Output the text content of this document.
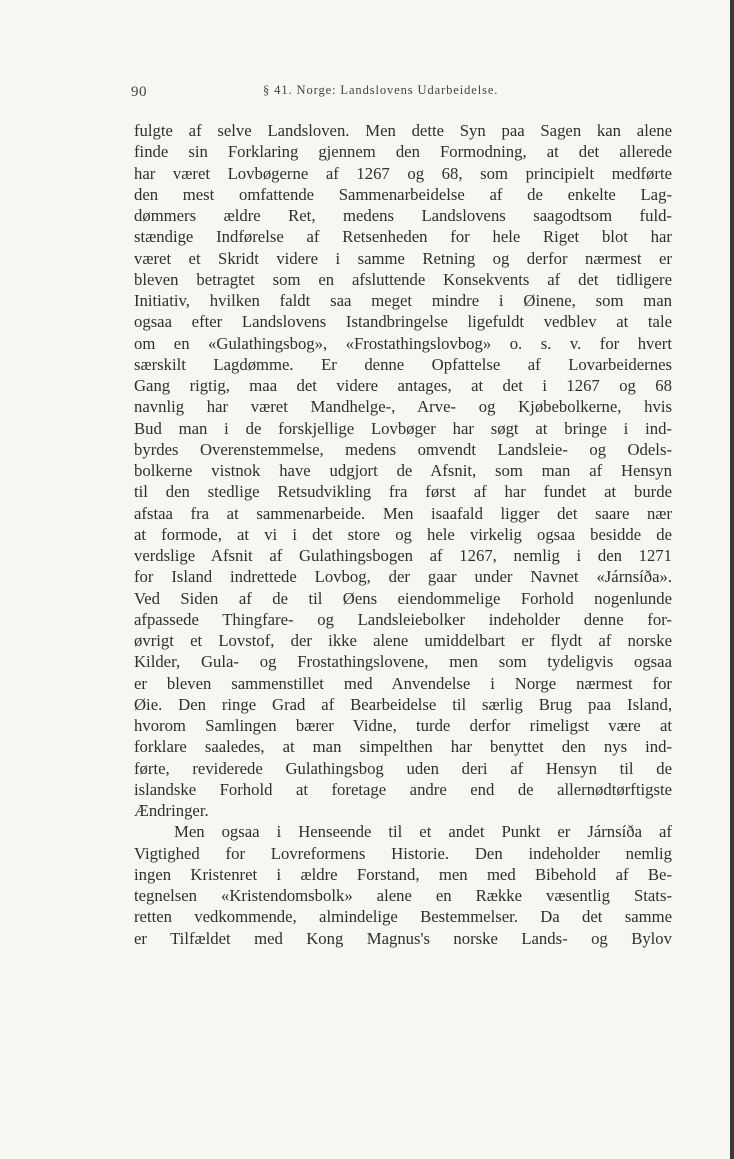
90	§ 41. Norge: Landslovens Udarbeidelse.
fulgte af selve Landsloven. Men dette Syn paa Sagen kan alene
finde sin Forklaring gjennem den Formodning, at det allerede
har været Lovbøgerne af 1267 og 68, som principielt medførte
den mest omfattende Sammenarbeidelse af de enkelte Lag-
dømmers ældre Ret, medens Landslovens saagodtsom fuld-
stændige Indførelse af Retsenheden for hele Riget blot har
været et Skridt videre i samme Retning og derfor nærmest er
bleven betragtet som en afsluttende Konsekvents af det tidligere
Initiativ, hvilken faldt saa meget mindre i Øinene, som man
ogsaa efter Landslovens Istandbringelse ligefuldt vedblev at tale
om en «Gulathingsbog», «Frostathingslovbog» o. s. v. for hvert
særskilt Lagdømme. Er denne Opfattelse af Lovarbeidernes
Gang rigtig, maa det videre antages, at det i 1267 og 68
navnlig har været Mandhelge-, Arve- og Kjøbebolkerne, hvis
Bud man i de forskjellige Lovbøger har søgt at bringe i ind-
byrdes Overenstemmelse, medens omvendt Landsleie- og Odels-
bolkerne vistnok have udgjort de Afsnit, som man af Hensyn
til den stedlige Retsudvikling fra først af har fundet at burde
afstaa fra at sammenarbeide. Men isaafald ligger det saare nær
at formode, at vi i det store og hele virkelig ogsaa besidde de
verdslige Afsnit af Gulathingsbogen af 1267, nemlig i den 1271
for Island indrettede Lovbog, der gaar under Navnet «Járnsíða».
Ved Siden af de til Øens eiendommelige Forhold nogenlunde
afpassede Thingfare- og Landsleiebolker indeholder denne for-
øvrigt et Lovstof, der ikke alene umiddelbart er flydt af norske
Kilder, Gula- og Frostathingslovene, men som tydeligvis ogsaa
er bleven sammenstillet med Anvendelse i Norge nærmest for
Øie. Den ringe Grad af Bearbeidelse til særlig Brug paa Island,
hvorom Samlingen bærer Vidne, turde derfor rimeligst være at
forklare saaledes, at man simpelthen har benyttet den nys ind-
førte, reviderede Gulathingsbog uden deri af Hensyn til de
islandske Forhold at foretage andre end de allernødtørftigste
Ændringer.
Men ogsaa i Henseende til et andet Punkt er Járnsíða af
Vigtighed for Lovreformens Historie. Den indeholder nemlig
ingen Kristenret i ældre Forstand, men med Bibehold af Be-
tegnelsen «Kristendomsbolk» alene en Række væsentlig Stats-
retten vedkommende, almindelige Bestemmelser. Da det samme
er Tilfældet med Kong Magnus's norske Lands- og Bylov
